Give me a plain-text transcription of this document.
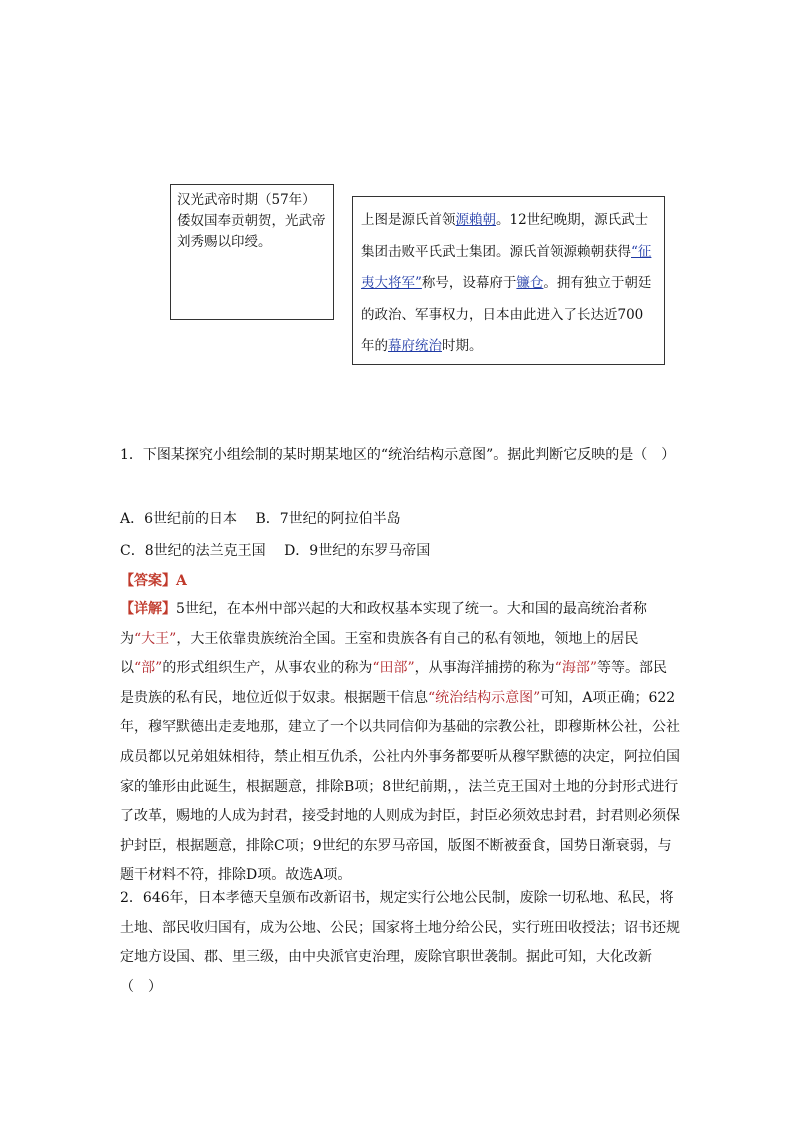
汉光武帝时期（57年）倭奴国奉贡朝贺，光武帝刘秀赐以印绶。
上图是源氏首领源賴朝。12世纪晚期，源氏武士集团击败平氏武士集团。源氏首领源赖朝获得“征夷大将军”称号，设幕府于镰仓。拥有独立于朝廷的政治、军事权力，日本由此进入了长达近700年的幕府统治时期。
1．下图某探究小组绘制的某时期某地区的“统治结构示意图”。据此判断它反映的是（　）
A．6世纪前的日本　 B．7世纪的阿拉伯半岛
C．8世纪的法兰克王国　 D．9世纪的东罗马帝国
【答案】A
【详解】5世纪，在本州中部兴起的大和政权基本实现了统一。大和国的最高统治者称为“大王”，大王依靠贵族统治全国。王室和贵族各有自己的私有领地，领地上的居民以“部”的形式组织生产，从事农业的称为“田部”，从事海洋捕捞的称为“海部”等等。部民是贵族的私有民，地位近似于奴隶。根据题干信息“统治结构示意图”可知，A项正确；622年，穆罕默德出走麦地那，建立了一个以共同信仰为基础的宗教公社，即穆斯林公社，公社成员都以兄弟姐妹相待，禁止相互仇杀，公社内外事务都要听从穆罕默德的决定，阿拉伯国家的雏形由此诞生，根据题意，排除B项；8世纪前期，，法兰克王国对土地的分封形式进行了改革，赐地的人成为封君，接受封地的人则成为封臣，封臣必须效忠封君，封君则必须保护封臣，根据题意，排除C项；9世纪的东罗马帝国，版图不断被蚕食，国势日渐衰弱，与题干材料不符，排除D项。故选A项。
2．646年，日本孝德天皇颁布改新诏书，规定实行公地公民制，废除一切私地、私民，将土地、部民收归国有，成为公地、公民；国家将土地分给公民，实行班田收授法；诏书还规定地方设国、郡、里三级，由中央派官吏治理，废除官职世袭制。据此可知，大化改新（　）
